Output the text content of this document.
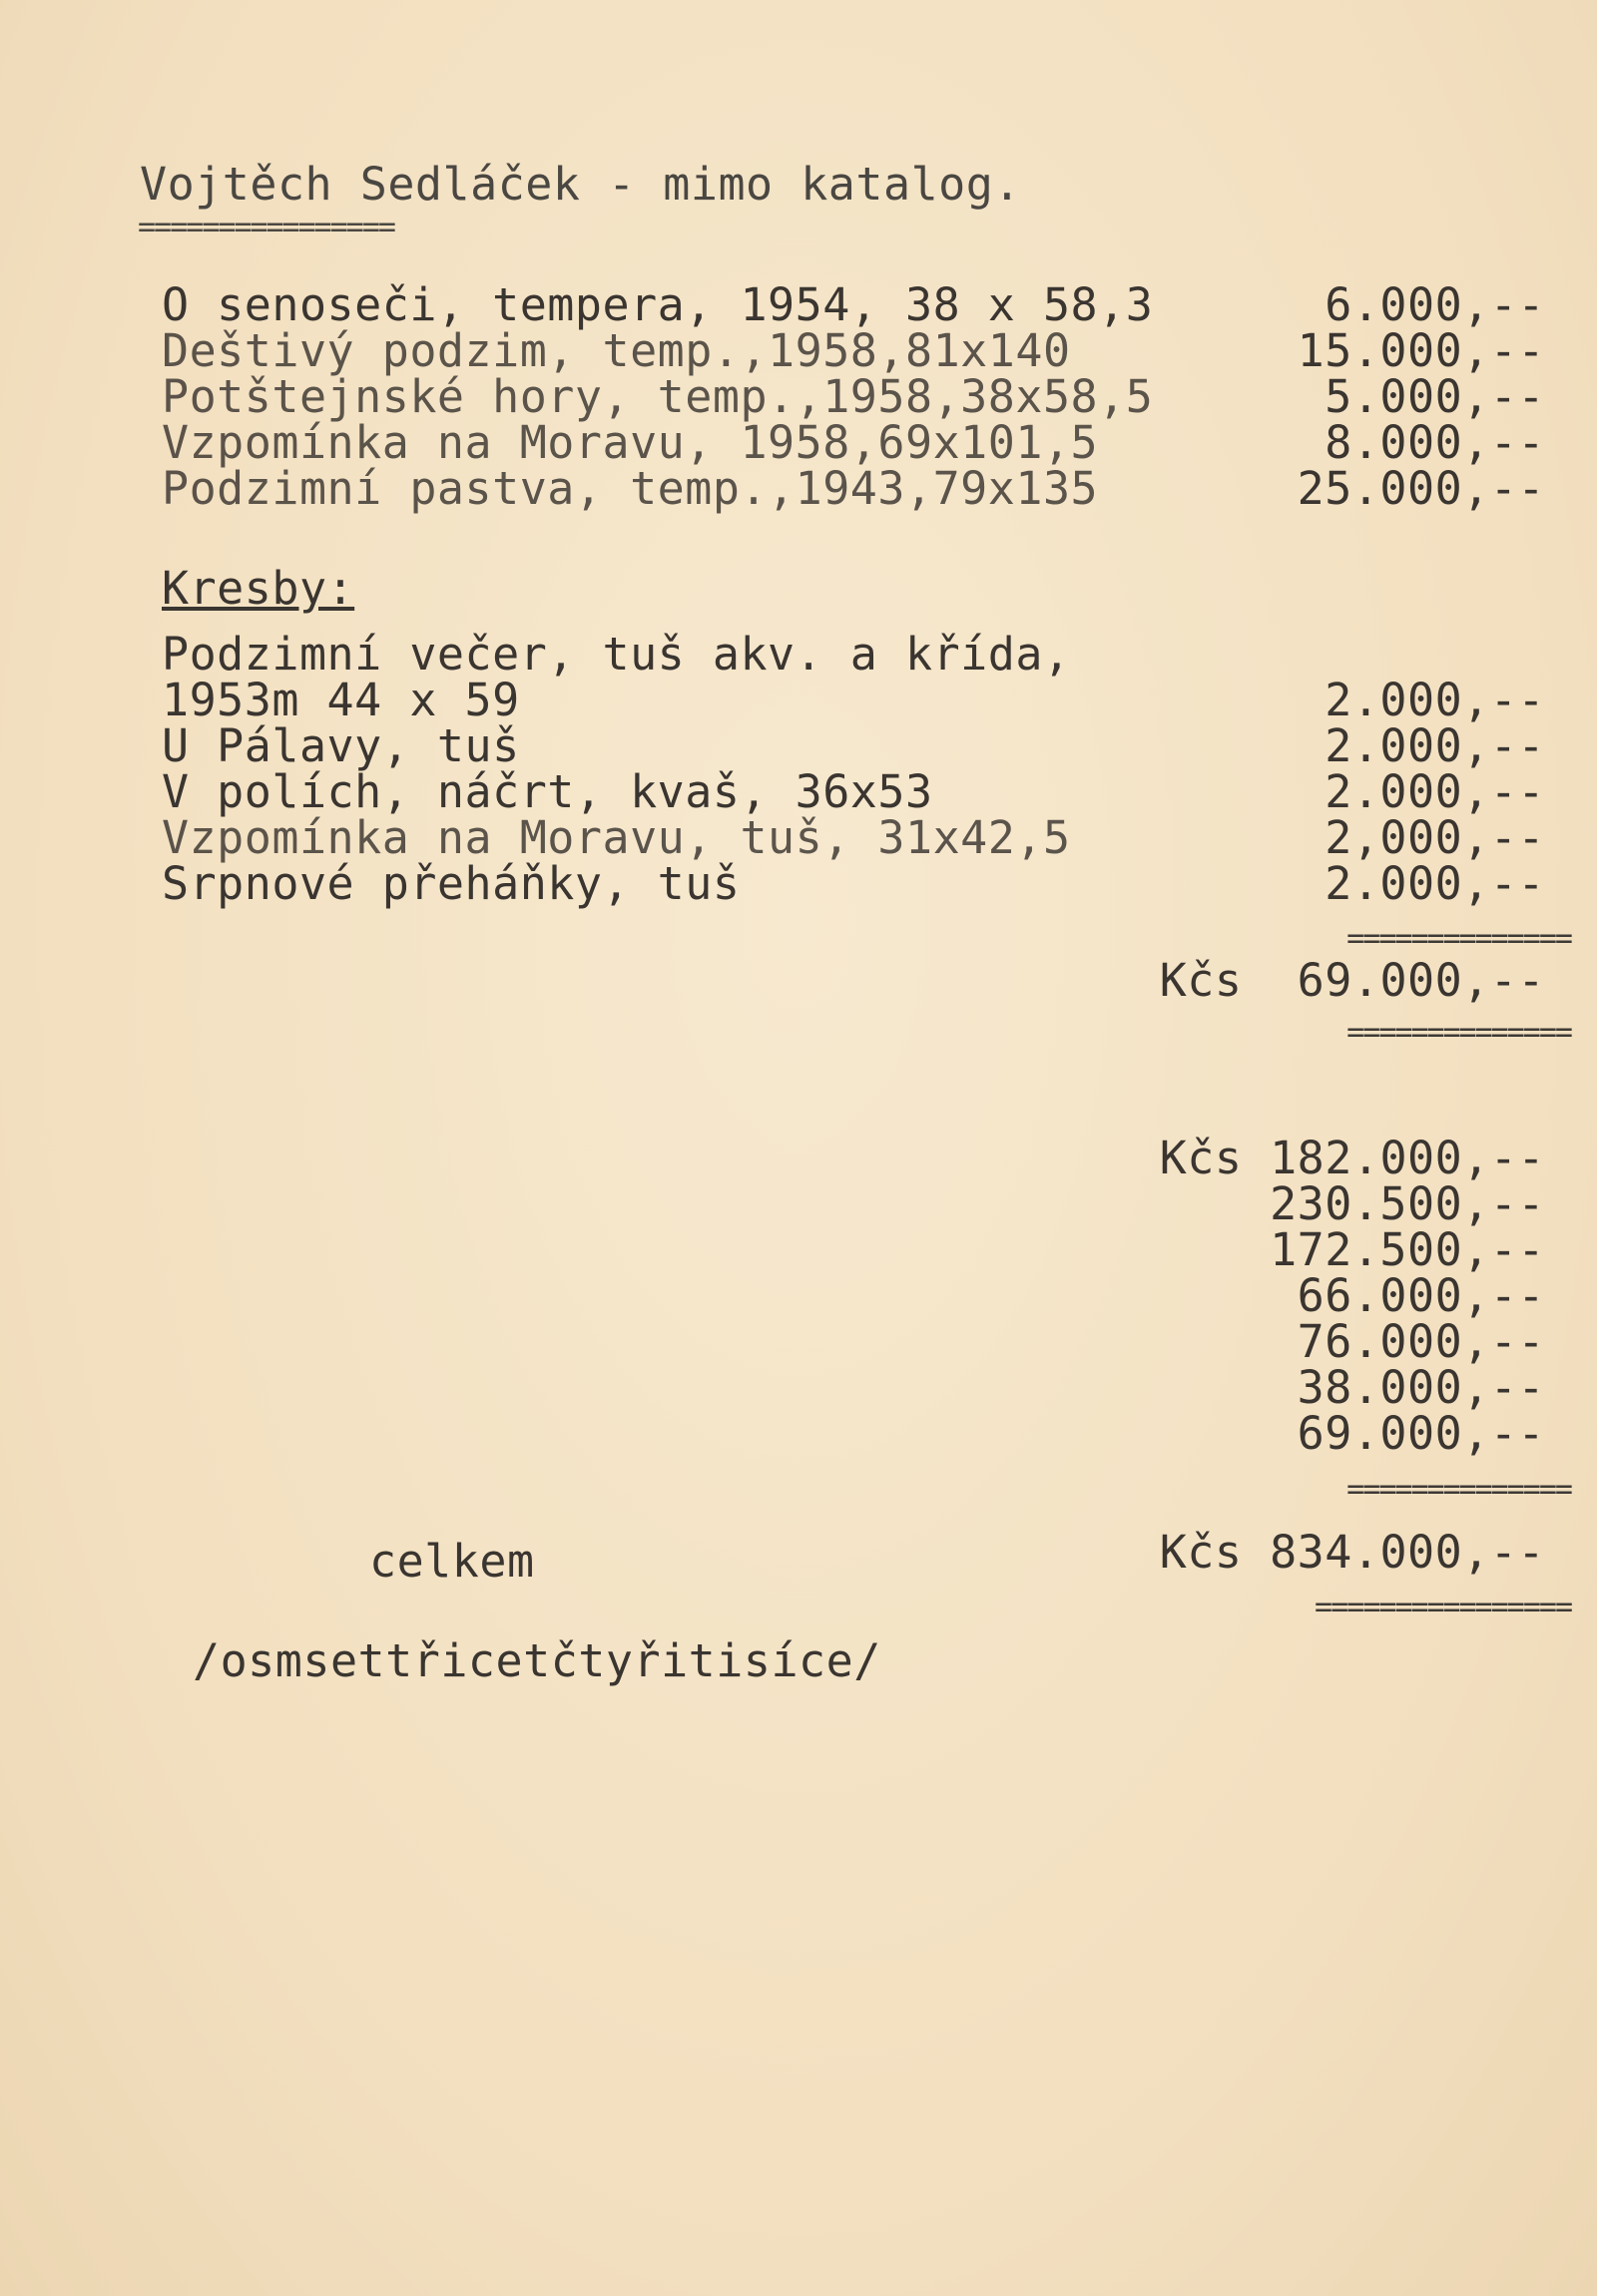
Vojtěch Sedláček - mimo katalog.
================
O senoseči, tempera, 1954, 38 x 58,3	6.000,--
Deštivý podzim, temp.,1958,81x140	15.000,--
Potštejnské hory, temp.,1958,38x58,5	5.000,--
Vzpomínka na Moravu, 1958,69x101,5	8.000,--
Podzimní pastva, temp.,1943,79x135	25.000,--
Kresby:
Podzimní večer, tuš akv. a křída,
1953m 44 x 59	2.000,--
U Pálavy, tuš	2.000,--
V polích, náčrt, kvaš, 36x53	2.000,--
Vzpomínka na Moravu, tuš, 31x42,5	2,000,--
Srpnové přeháňky, tuš	2.000,--
==============
Kčs  69.000,--
==============
Kčs 182.000,--
230.500,--
172.500,--
66.000,--
76.000,--
38.000,--
69.000,--
==============
celkem	Kčs 834.000,--
================
/osmsettřicetčtyřitisíce/
